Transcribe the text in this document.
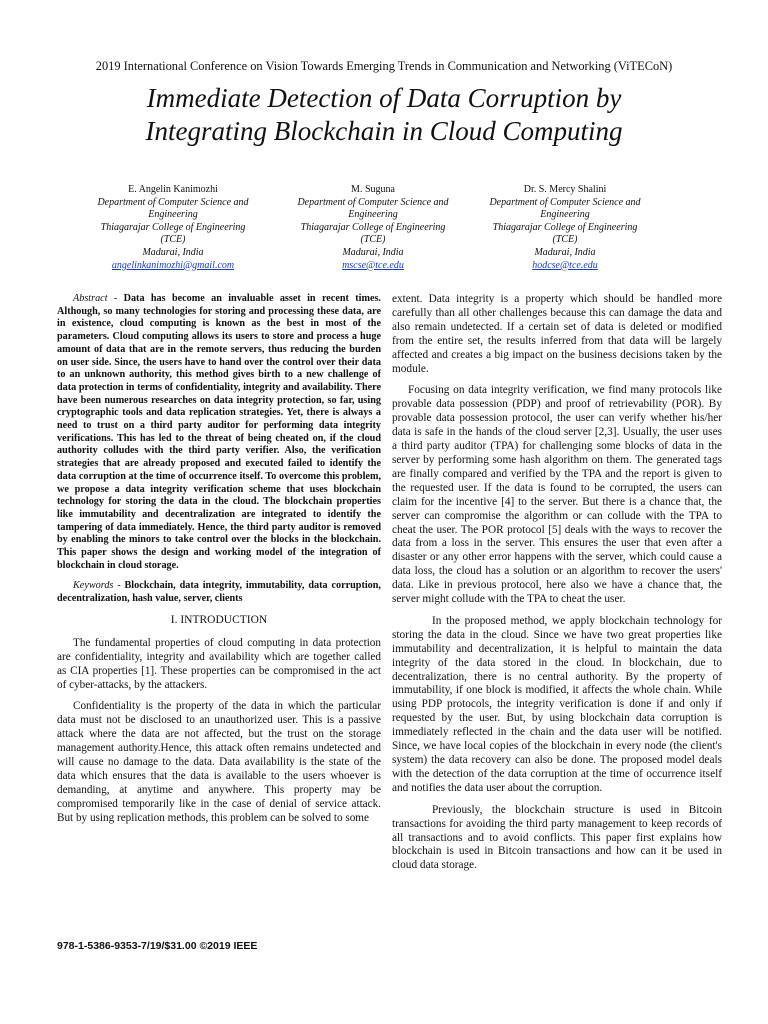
2019 International Conference on Vision Towards Emerging Trends in Communication and Networking (ViTECoN)
Immediate Detection of Data Corruption by
Integrating Blockchain in Cloud Computing
E. Angelin Kanimozhi
Department of Computer Science and
Engineering
Thiagarajar College of Engineering
(TCE)
Madurai, India
angelinkanimozhi@gmail.com
M. Suguna
Department of Computer Science and
Engineering
Thiagarajar College of Engineering
(TCE)
Madurai, India
mscse@tce.edu
Dr. S. Mercy Shalini
Department of Computer Science and
Engineering
Thiagarajar College of Engineering
(TCE)
Madurai, India
hodcse@tce.edu

Abstract - Data has become an invaluable asset in recent times. Although, so many technologies for storing and processing these data, are in existence, cloud computing is known as the best in most of the parameters. Cloud computing allows its users to store and process a huge amount of data that are in the remote servers, thus reducing the burden on user side. Since, the users have to hand over the control over their data to an unknown authority, this method gives birth to a new challenge of data protection in terms of confidentiality, integrity and availability. There have been numerous researches on data integrity protection, so far, using cryptographic tools and data replication strategies. Yet, there is always a need to trust on a third party auditor for performing data integrity verifications. This has led to the threat of being cheated on, if the cloud authority colludes with the third party verifier. Also, the verification strategies that are already proposed and executed failed to identify the data corruption at the time of occurrence itself. To overcome this problem, we propose a data integrity verification scheme that uses blockchain technology for storing the data in the cloud. The blockchain properties like immutability and decentralization are integrated to identify the tampering of data immediately. Hence, the third party auditor is removed by enabling the minors to take control over the blocks in the blockchain. This paper shows the design and working model of the integration of blockchain in cloud storage.

Keywords - Blockchain, data integrity, immutability, data corruption, decentralization, hash value, server, clients

I. INTRODUCTION

The fundamental properties of cloud computing in data protection are confidentiality, integrity and availability which are together called as CIA properties [1]. These properties can be compromised in the act of cyber-attacks, by the attackers.

Confidentiality is the property of the data in which the particular data must not be disclosed to an unauthorized user. This is a passive attack where the data are not affected, but the trust on the storage management authority.Hence, this attack often remains undetected and will cause no damage to the data. Data availability is the state of the data which ensures that the data is available to the users whoever is demanding, at anytime and anywhere. This property may be compromised temporarily like in the case of denial of service attack. But by using replication methods, this problem can be solved to some

extent. Data integrity is a property which should be handled more carefully than all other challenges because this can damage the data and also remain undetected. If a certain set of data is deleted or modified from the entire set, the results inferred from that data will be largely affected and creates a big impact on the business decisions taken by the module.

Focusing on data integrity verification, we find many protocols like provable data possession (PDP) and proof of retrievability (POR). By provable data possession protocol, the user can verify whether his/her data is safe in the hands of the cloud server [2,3]. Usually, the user uses a third party auditor (TPA) for challenging some blocks of data in the server by performing some hash algorithm on them. The generated tags are finally compared and verified by the TPA and the report is given to the requested user. If the data is found to be corrupted, the users can claim for the incentive [4] to the server. But there is a chance that, the server can compromise the algorithm or can collude with the TPA to cheat the user. The POR protocol [5] deals with the ways to recover the data from a loss in the server. This ensures the user that even after a disaster or any other error happens with the server, which could cause a data loss, the cloud has a solution or an algorithm to recover the users' data. Like in previous protocol, here also we have a chance that, the server might collude with the TPA to cheat the user.

In the proposed method, we apply blockchain technology for storing the data in the cloud. Since we have two great properties like immutability and decentralization, it is helpful to maintain the data integrity of the data stored in the cloud. In blockchain, due to decentralization, there is no central authority. By the property of immutability, if one block is modified, it affects the whole chain. While using PDP protocols, the integrity verification is done if and only if requested by the user. But, by using blockchain data corruption is immediately reflected in the chain and the data user will be notified. Since, we have local copies of the blockchain in every node (the client's system) the data recovery can also be done. The proposed model deals with the detection of the data corruption at the time of occurrence itself and notifies the data user about the corruption.

Previously, the blockchain structure is used in Bitcoin transactions for avoiding the third party management to keep records of all transactions and to avoid conflicts. This paper first explains how blockchain is used in Bitcoin transactions and how can it be used in cloud data storage.

978-1-5386-9353-7/19/$31.00 ©2019 IEEE
